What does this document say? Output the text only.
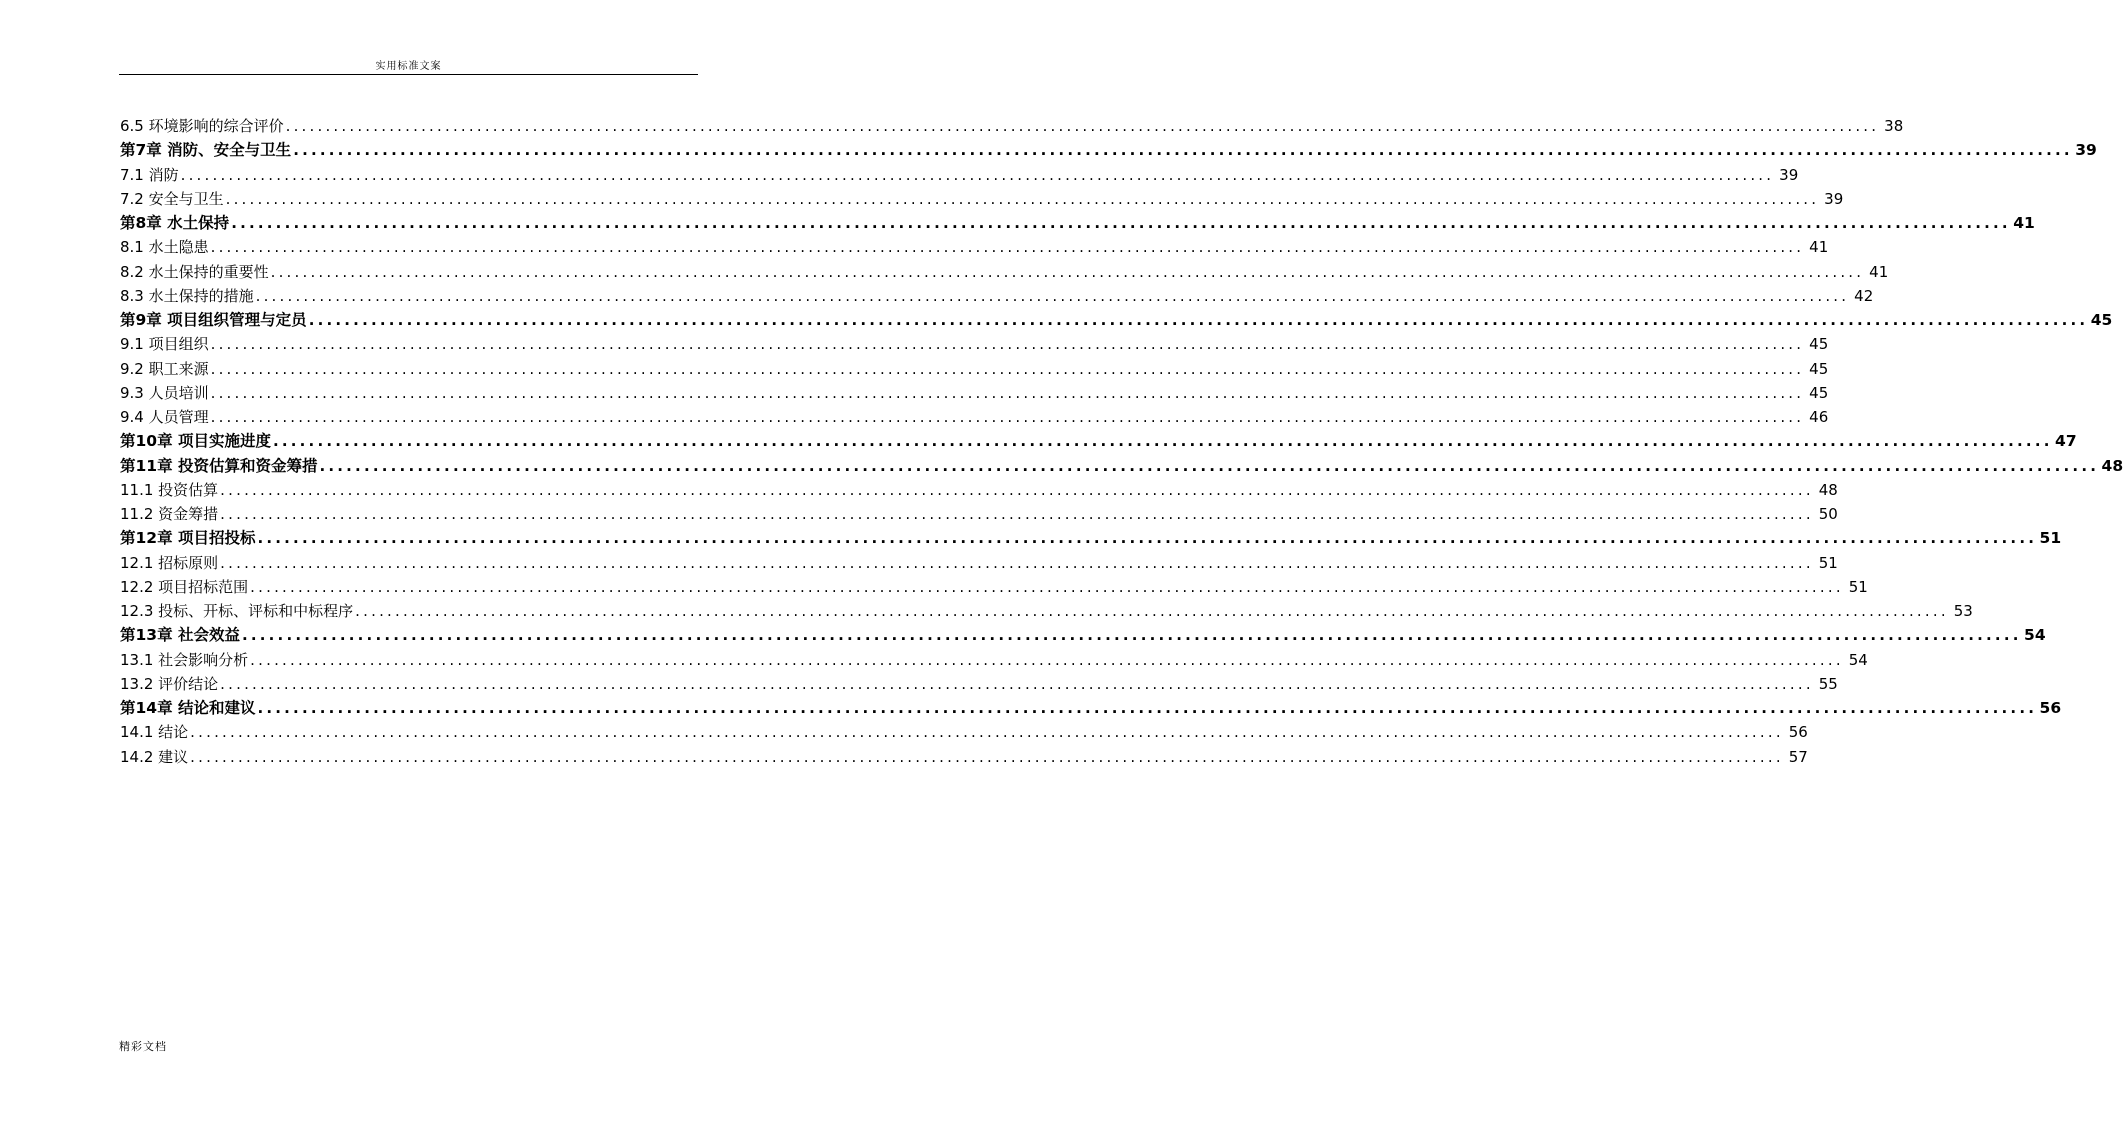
实用标准文案
6.5 环境影响的综合评价 ........................................................................................................................................................................................................ 38
第7章 消防、安全与卫生 ........................................................................................................................................................................................................ 39
7.1 消防 ........................................................................................................................................................................................................ 39
7.2 安全与卫生 ........................................................................................................................................................................................................ 39
第8章 水土保持 ........................................................................................................................................................................................................ 41
8.1 水土隐患 ........................................................................................................................................................................................................ 41
8.2 水土保持的重要性 ........................................................................................................................................................................................................ 41
8.3 水土保持的措施 ........................................................................................................................................................................................................ 42
第9章 项目组织管理与定员 ........................................................................................................................................................................................................ 45
9.1 项目组织 ........................................................................................................................................................................................................ 45
9.2 职工来源 ........................................................................................................................................................................................................ 45
9.3 人员培训 ........................................................................................................................................................................................................ 45
9.4 人员管理 ........................................................................................................................................................................................................ 46
第10章 项目实施进度 ........................................................................................................................................................................................................ 47
第11章 投资估算和资金筹措 ........................................................................................................................................................................................................ 48
11.1 投资估算 ........................................................................................................................................................................................................ 48
11.2 资金筹措 ........................................................................................................................................................................................................ 50
第12章 项目招投标 ........................................................................................................................................................................................................ 51
12.1 招标原则 ........................................................................................................................................................................................................ 51
12.2 项目招标范围 ........................................................................................................................................................................................................ 51
12.3 投标、开标、评标和中标程序 ........................................................................................................................................................................................................ 53
第13章 社会效益 ........................................................................................................................................................................................................ 54
13.1 社会影响分析 ........................................................................................................................................................................................................ 54
13.2 评价结论 ........................................................................................................................................................................................................ 55
第14章 结论和建议 ........................................................................................................................................................................................................ 56
14.1 结论 ........................................................................................................................................................................................................ 56
14.2 建议 ........................................................................................................................................................................................................ 57
精彩文档
